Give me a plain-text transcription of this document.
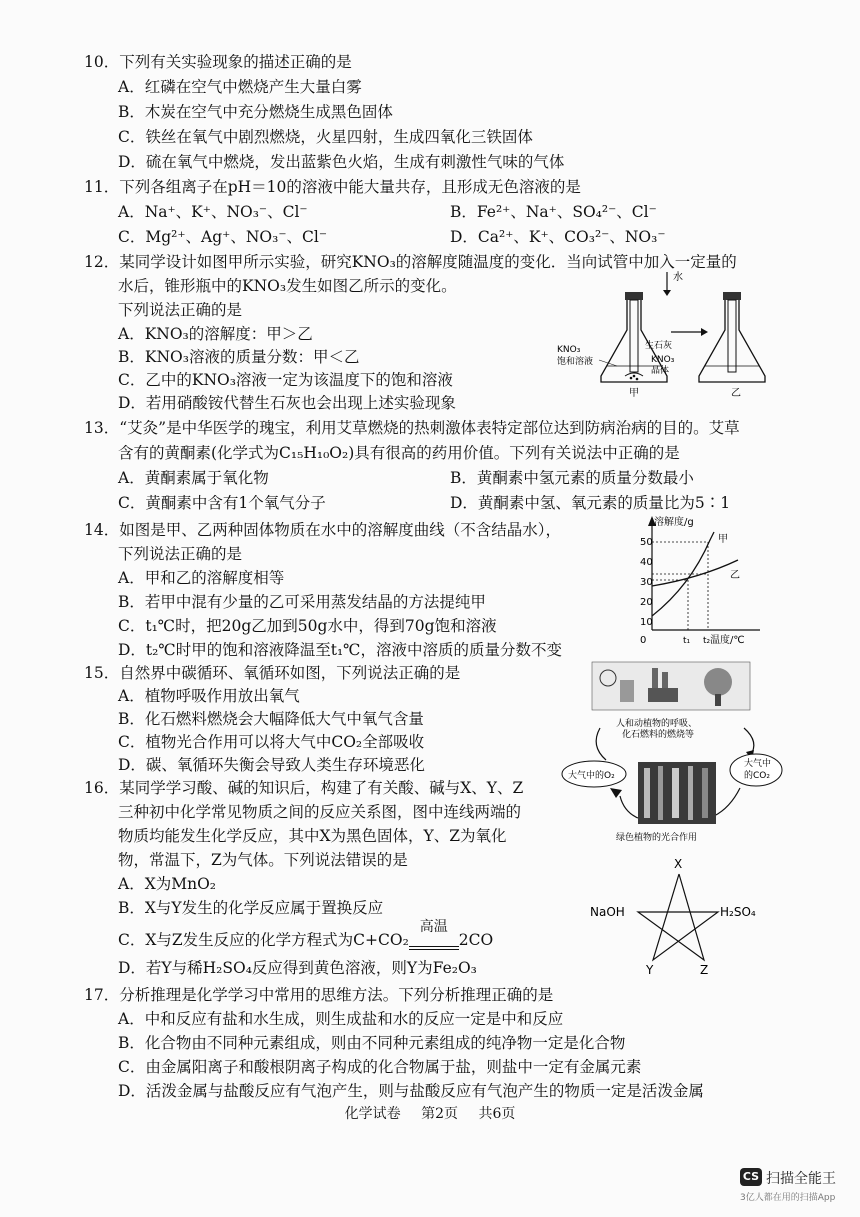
10．下列有关实验现象的描述正确的是
A．红磷在空气中燃烧产生大量白雾
B．木炭在空气中充分燃烧生成黑色固体
C．铁丝在氧气中剧烈燃烧，火星四射，生成四氧化三铁固体
D．硫在氧气中燃烧，发出蓝紫色火焰，生成有刺激性气味的气体
11．下列各组离子在pH＝10的溶液中能大量共存，且形成无色溶液的是
A．Na⁺、K⁺、NO₃⁻、Cl⁻	B．Fe²⁺、Na⁺、SO₄²⁻、Cl⁻
C．Mg²⁺、Ag⁺、NO₃⁻、Cl⁻	D．Ca²⁺、K⁺、CO₃²⁻、NO₃⁻
12．某同学设计如图甲所示实验，研究KNO₃的溶解度随温度的变化．当向试管中加入一定量的
水后，锥形瓶中的KNO₃发生如图乙所示的变化。
下列说法正确的是
A．KNO₃的溶解度：甲＞乙
B．KNO₃溶液的质量分数：甲＜乙
C．乙中的KNO₃溶液一定为该温度下的饱和溶液
D．若用硝酸铵代替生石灰也会出现上述实验现象
水
KNO₃
饱和溶液
生石灰
KNO₃
晶体
甲	乙
13．“艾灸”是中华医学的瑰宝，利用艾草燃烧的热刺激体表特定部位达到防病治病的目的。艾草
含有的黄酮素(化学式为C₁₅H₁₀O₂)具有很高的药用价值。下列有关说法中正确的是
A．黄酮素属于氧化物	B．黄酮素中氢元素的质量分数最小
C．黄酮素中含有1个氧气分子	D．黄酮素中氢、氧元素的质量比为5∶1
14．如图是甲、乙两种固体物质在水中的溶解度曲线（不含结晶水），
下列说法正确的是
A．甲和乙的溶解度相等
B．若甲中混有少量的乙可采用蒸发结晶的方法提纯甲
C．t₁℃时，把20g乙加到50g水中，得到70g饱和溶液
D．t₂℃时甲的饱和溶液降温至t₁℃，溶液中溶质的质量分数不变
溶解度/g
50
40
30
20
10
0	t₁ t₂ 温度/℃
甲
乙
15．自然界中碳循环、氧循环如图，下列说法正确的是
A．植物呼吸作用放出氧气
B．化石燃料燃烧会大幅降低大气中氧气含量
C．植物光合作用可以将大气中CO₂全部吸收
D．碳、氧循环失衡会导致人类生存环境恶化
人和动植物的呼吸、
化石燃料的燃烧等
大气中的O₂
大气中
的CO₂
绿色植物的光合作用
16．某同学学习酸、碱的知识后，构建了有关酸、碱与X、Y、Z
三种初中化学常见物质之间的反应关系图，图中连线两端的
物质均能发生化学反应，其中X为黑色固体，Y、Z为氧化
物，常温下，Z为气体。下列说法错误的是
A．X为MnO₂
B．X与Y发生的化学反应属于置换反应
C．X与Z发生反应的化学方程式为C+CO₂
高温
2CO
D．若Y与稀H₂SO₄反应得到黄色溶液，则Y为Fe₂O₃
X
NaOH	H₂SO₄
Y	Z
17．分析推理是化学学习中常用的思维方法。下列分析推理正确的是
A．中和反应有盐和水生成，则生成盐和水的反应一定是中和反应
B．化合物由不同种元素组成，则由不同种元素组成的纯净物一定是化合物
C．由金属阳离子和酸根阴离子构成的化合物属于盐，则盐中一定有金属元素
D．活泼金属与盐酸反应有气泡产生，则与盐酸反应有气泡产生的物质一定是活泼金属
化学试卷 第2页 共6页
CS 扫描全能王
3亿人都在用的扫描App
